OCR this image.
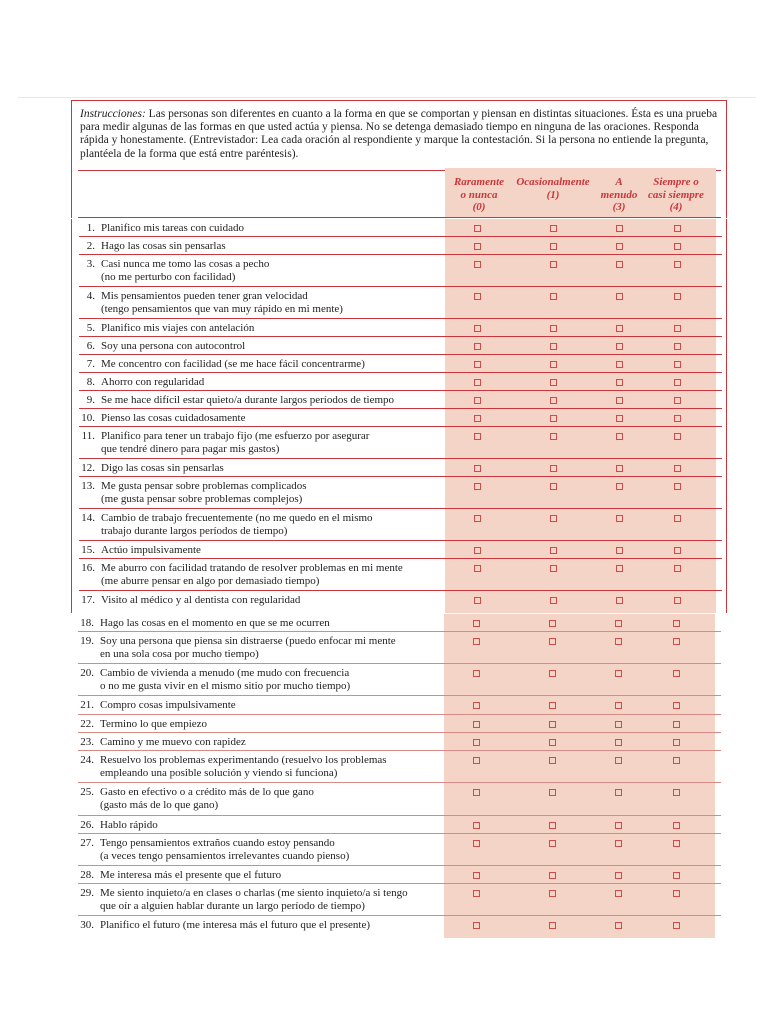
Instrucciones: Las personas son diferentes en cuanto a la forma en que se comportan y piensan en distintas situaciones. Ésta es una prueba para medir algunas de las formas en que usted actúa y piensa. No se detenga demasiado tiempo en ninguna de las oraciones. Responda rápida y honestamente. (Entrevistador: Lea cada oración al respondiente y marque la contestación. Si la persona no entiende la pregunta, plantéela de la forma que está entre paréntesis).
Raramente
o nunca
(0)
Ocasionalmente
(1)
A
menudo
(3)
Siempre o
casi siempre
(4)
1. Planifico mis tareas con cuidado
2. Hago las cosas sin pensarlas
3. Casi nunca me tomo las cosas a pecho
(no me perturbo con facilidad)
4. Mis pensamientos pueden tener gran velocidad
(tengo pensamientos que van muy rápido en mi mente)
5. Planifico mis viajes con antelación
6. Soy una persona con autocontrol
7. Me concentro con facilidad (se me hace fácil concentrarme)
8. Ahorro con regularidad
9. Se me hace difícil estar quieto/a durante largos períodos de tiempo
10. Pienso las cosas cuidadosamente
11. Planifico para tener un trabajo fijo (me esfuerzo por asegurar
que tendré dinero para pagar mis gastos)
12. Digo las cosas sin pensarlas
13. Me gusta pensar sobre problemas complicados
(me gusta pensar sobre problemas complejos)
14. Cambio de trabajo frecuentemente (no me quedo en el mismo
trabajo durante largos períodos de tiempo)
15. Actúo impulsivamente
16. Me aburro con facilidad tratando de resolver problemas en mi mente
(me aburre pensar en algo por demasiado tiempo)
17. Visito al médico y al dentista con regularidad
18. Hago las cosas en el momento en que se me ocurren
19. Soy una persona que piensa sin distraerse (puedo enfocar mi mente
en una sola cosa por mucho tiempo)
20. Cambio de vivienda a menudo (me mudo con frecuencia
o no me gusta vivir en el mismo sitio por mucho tiempo)
21. Compro cosas impulsivamente
22. Termino lo que empiezo
23. Camino y me muevo con rapidez
24. Resuelvo los problemas experimentando (resuelvo los problemas
empleando una posible solución y viendo si funciona)
25. Gasto en efectivo o a crédito más de lo que gano
(gasto más de lo que gano)
26. Hablo rápido
27. Tengo pensamientos extraños cuando estoy pensando
(a veces tengo pensamientos irrelevantes cuando pienso)
28. Me interesa más el presente que el futuro
29. Me siento inquieto/a en clases o charlas (me siento inquieto/a si tengo
que oír a alguien hablar durante un largo período de tiempo)
30. Planifico el futuro (me interesa más el futuro que el presente)
